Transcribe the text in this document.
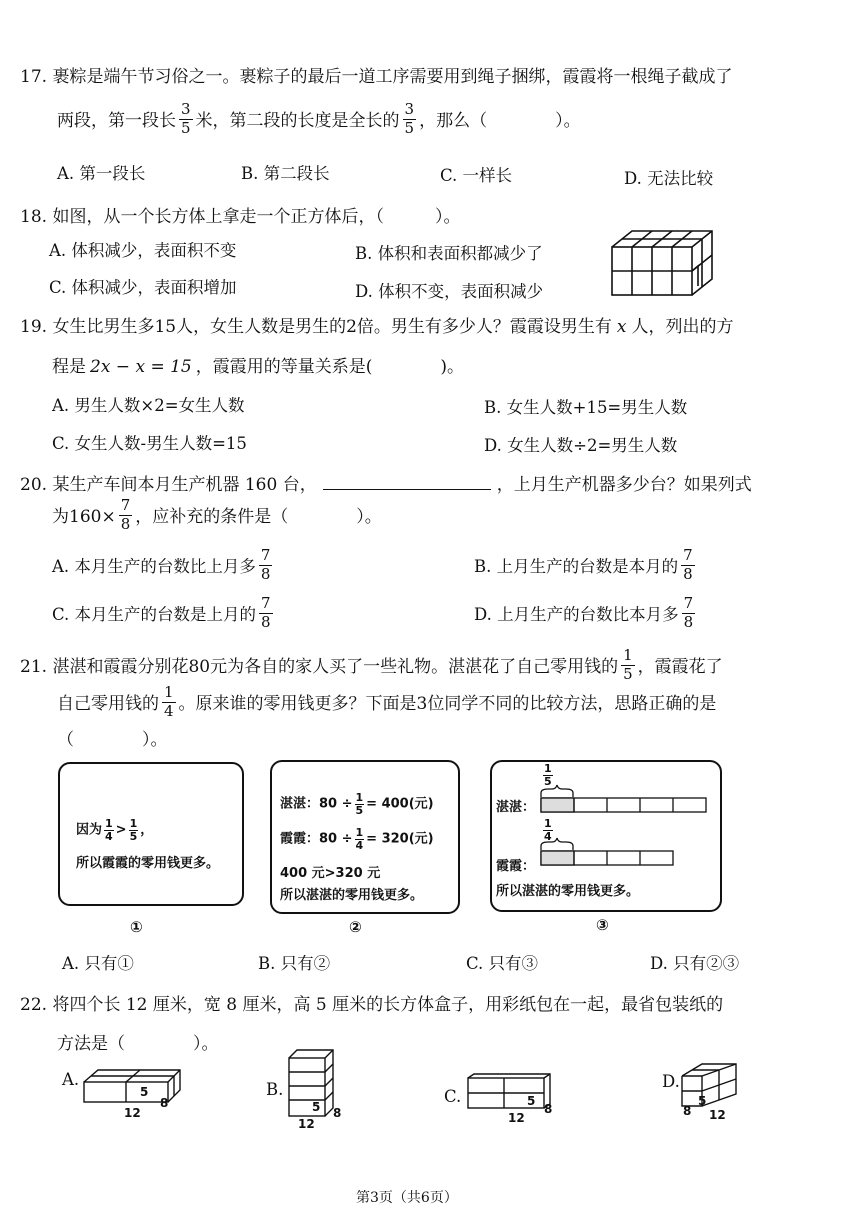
17. 裹粽是端午节习俗之一。裹粽子的最后一道工序需要用到绳子捆绑，霞霞将一根绳子截成了
两段，第一段长 $\frac{3}{5}$ 米，第二段的长度是全长的 $\frac{3}{5}$ ，那么（　　　　）。
A. 第一段长	B. 第二段长	C. 一样长	D. 无法比较
18. 如图，从一个长方体上拿走一个正方体后，（　　　）。
A. 体积减少，表面积不变	B. 体积和表面积都减少了
C. 体积减少，表面积增加	D. 体积不变，表面积减少
19. 女生比男生多15人，女生人数是男生的2倍。男生有多少人？霞霞设男生有 x 人，列出的方
程是 2x − x = 15 ，霞霞用的等量关系是(　　　　)。
A. 男生人数×2=女生人数	B. 女生人数+15=男生人数
C. 女生人数-男生人数=15	D. 女生人数÷2=男生人数
20. 某生产车间本月生产机器 160 台，	，上月生产机器多少台？如果列式
为$160\times \frac{7}{8}$ ，应补充的条件是（　　　　）。
A. 本月生产的台数比上月多 $\frac{7}{8}$	B. 上月生产的台数是本月的 $\frac{7}{8}$
C. 本月生产的台数是上月的 $\frac{7}{8}$	D. 上月生产的台数比本月多 $\frac{7}{8}$
21. 湛湛和霞霞分别花80元为各自的家人买了一些礼物。湛湛花了自己零用钱的 $\frac{1}{5}$ ，霞霞花了
自己零用钱的 $\frac{1}{4}$ 。原来谁的零用钱更多？下面是3位同学不同的比较方法，思路正确的是
（　　　　）。
因为 $\frac{1}{4} > \frac{1}{5}$ ，
所以霞霞的零用钱更多。
①
湛湛：$80 \div \frac{1}{5} = 400$(元)
霞霞：$80 \div \frac{1}{4} = 320$(元)
400 元>320 元
所以湛湛的零用钱更多。
②
$\frac{1}{5}$
湛湛：
$\frac{1}{4}$
霞霞：
所以湛湛的零用钱更多。
③
A. 只有①	B. 只有②	C. 只有③	D. 只有②③
22. 将四个长 12 厘米，宽 8 厘米，高 5 厘米的长方体盒子，用彩纸包在一起，最省包装纸的
方法是（　　　　）。
A.
5
8
12
B.
5 8
12
C.	5
8
12
D.
5
8 12
第3页（共6页）
